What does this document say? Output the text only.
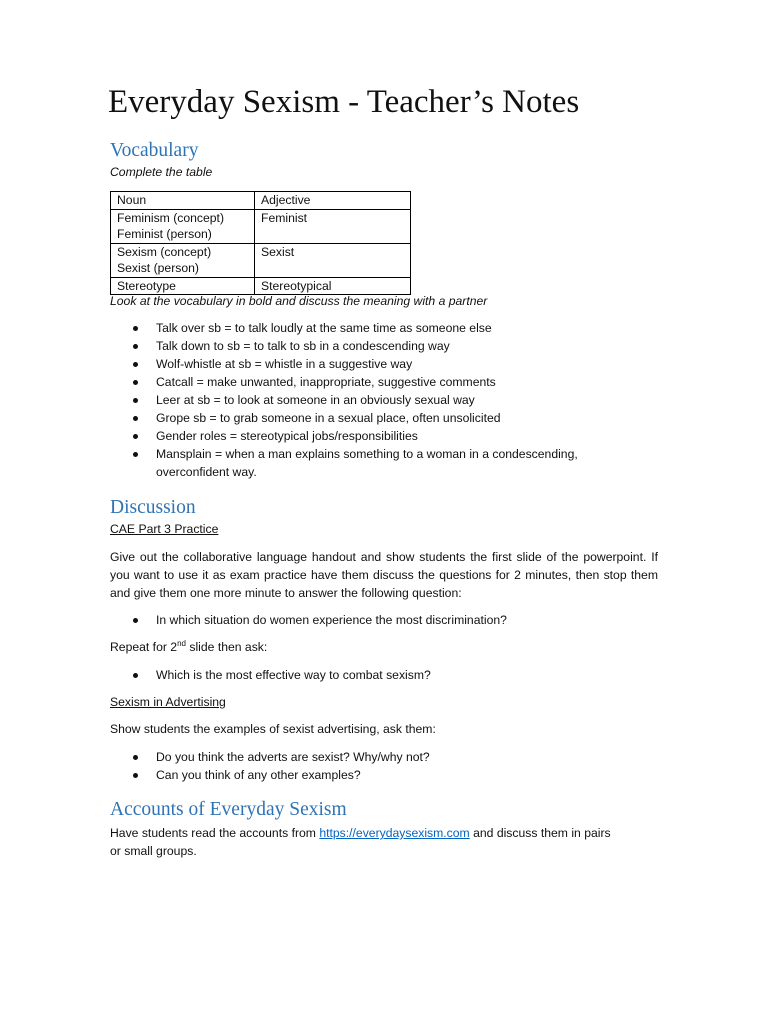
Everyday Sexism - Teacher’s Notes
Vocabulary
Complete the table
Noun	Adjective

Feminism (concept)
Feminist (person)	Feminist

Sexism (concept)
Sexist (person)	Sexist

Stereotype	Stereotypical
Look at the vocabulary in bold and discuss the meaning with a partner
Talk over sb = to talk loudly at the same time as someone else
Talk down to sb = to talk to sb in a condescending way
Wolf-whistle at sb = whistle in a suggestive way
Catcall = make unwanted, inappropriate, suggestive comments
Leer at sb = to look at someone in an obviously sexual way
Grope sb = to grab someone in a sexual place, often unsolicited
Gender roles = stereotypical jobs/responsibilities
Mansplain = when a man explains something to a woman in a condescending,
overconfident way.
Discussion
CAE Part 3 Practice
Give out the collaborative language handout and show students the first slide of the powerpoint. If you want to use it as exam practice have them discuss the questions for 2 minutes, then stop them and give them one more minute to answer the following question:
In which situation do women experience the most discrimination?
Repeat for 2nd slide then ask:
Which is the most effective way to combat sexism?
Sexism in Advertising
Show students the examples of sexist advertising, ask them:
Do you think the adverts are sexist? Why/why not?
Can you think of any other examples?
Accounts of Everyday Sexism
Have students read the accounts from https://everydaysexism.com and discuss them in pairs
or small groups.
